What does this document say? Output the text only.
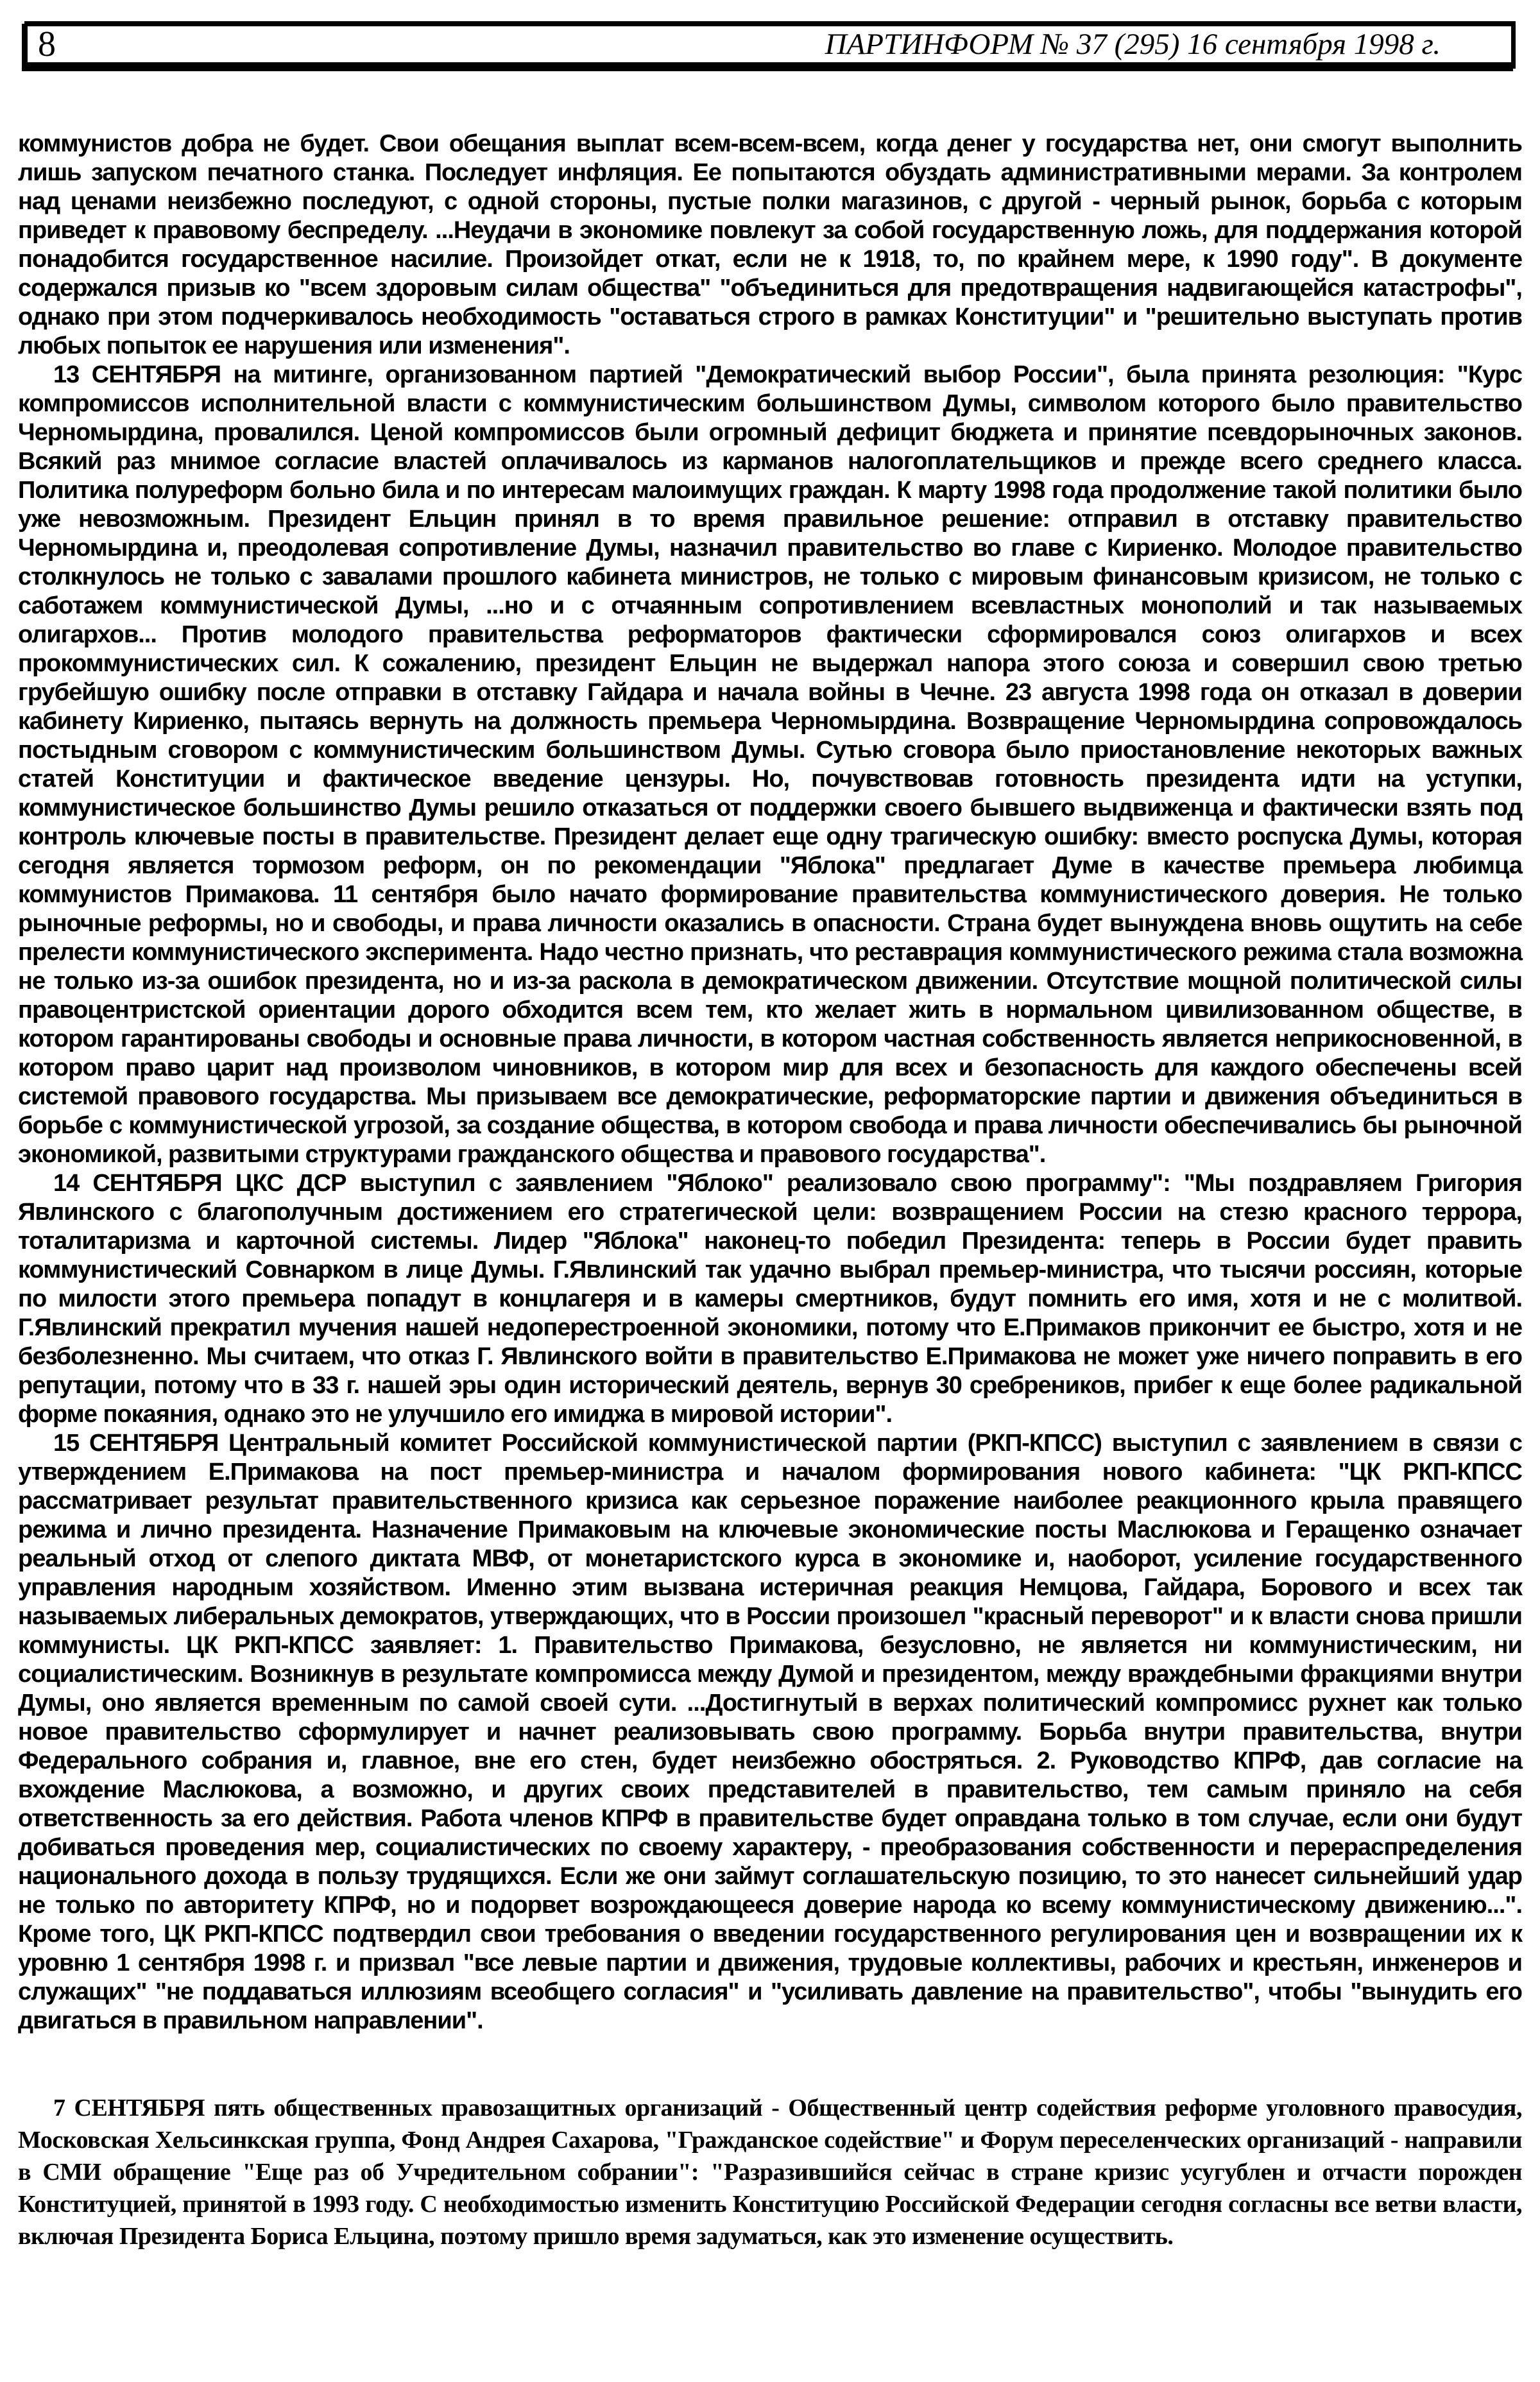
8	ПАРТИНФОРМ № 37 (295) 16 сентября 1998 г.

коммунистов добра не будет. Свои обещания выплат всем-всем-всем, когда денег у государства нет, они смогут выполнить лишь запуском печатного станка. Последует инфляция. Ее попытаются обуздать административными мерами. За контролем над ценами неизбежно последуют, с одной стороны, пустые полки магазинов, с другой - черный рынок, борьба с которым приведет к правовому беспределу. ...Неудачи в экономике повлекут за собой государственную ложь, для поддержания которой понадобится государственное насилие. Произойдет откат, если не к 1918, то, по крайнем мере, к 1990 году". В документе содержался призыв ко "всем здоровым силам общества" "объединиться для предотвращения надвигающейся катастрофы", однако при этом подчеркивалось необходимость "оставаться строго в рамках Конституции" и "решительно выступать против любых попыток ее нарушения или изменения".

13 СЕНТЯБРЯ на митинге, организованном партией "Демократический выбор России", была принята резолюция: "Курс компромиссов исполнительной власти с коммунистическим большинством Думы, символом которого было правительство Черномырдина, провалился. Ценой компромиссов были огромный дефицит бюджета и принятие псевдорыночных законов. Всякий раз мнимое согласие властей оплачивалось из карманов налогоплательщиков и прежде всего среднего класса. Политика полуреформ больно била и по интересам малоимущих граждан. К марту 1998 года продолжение такой политики было уже невозможным. Президент Ельцин принял в то время правильное решение: отправил в отставку правительство Черномырдина и, преодолевая сопротивление Думы, назначил правительство во главе с Кириенко. Молодое правительство столкнулось не только с завалами прошлого кабинета министров, не только с мировым финансовым кризисом, не только с саботажем коммунистической Думы, ...но и с отчаянным сопротивлением всевластных монополий и так называемых олигархов... Против молодого правительства реформаторов фактически сформировался союз олигархов и всех прокоммунистических сил. К сожалению, президент Ельцин не выдержал напора этого союза и совершил свою третью грубейшую ошибку после отправки в отставку Гайдара и начала войны в Чечне. 23 августа 1998 года он отказал в доверии кабинету Кириенко, пытаясь вернуть на должность премьера Черномырдина. Возвращение Черномырдина сопровождалось постыдным сговором с коммунистическим большинством Думы. Сутью сговора было приостановление некоторых важных статей Конституции и фактическое введение цензуры. Но, почувствовав готовность президента идти на уступки, коммунистическое большинство Думы решило отказаться от поддержки своего бывшего выдвиженца и фактически взять под контроль ключевые посты в правительстве. Президент делает еще одну трагическую ошибку: вместо роспуска Думы, которая сегодня является тормозом реформ, он по рекомендации "Яблока" предлагает Думе в качестве премьера любимца коммунистов Примакова. 11 сентября было начато формирование правительства коммунистического доверия. Не только рыночные реформы, но и свободы, и права личности оказались в опасности. Страна будет вынуждена вновь ощутить на себе прелести коммунистического эксперимента. Надо честно признать, что реставрация коммунистического режима стала возможна не только из-за ошибок президента, но и из-за раскола в демократическом движении. Отсутствие мощной политической силы правоцентристской ориентации дорого обходится всем тем, кто желает жить в нормальном цивилизованном обществе, в котором гарантированы свободы и основные права личности, в котором частная собственность является неприкосновенной, в котором право царит над произволом чиновников, в котором мир для всех и безопасность для каждого обеспечены всей системой правового государства. Мы призываем все демократические, реформаторские партии и движения объединиться в борьбе с коммунистической угрозой, за создание общества, в котором свобода и права личности обеспечивались бы рыночной экономикой, развитыми структурами гражданского общества и правового государства".

14 СЕНТЯБРЯ ЦКС ДСР выступил с заявлением "Яблоко" реализовало свою программу": "Мы поздравляем Григория Явлинского с благополучным достижением его стратегической цели: возвращением России на стезю красного террора, тоталитаризма и карточной системы. Лидер "Яблока" наконец-то победил Президента: теперь в России будет править коммунистический Совнарком в лице Думы. Г.Явлинский так удачно выбрал премьер-министра, что тысячи россиян, которые по милости этого премьера попадут в концлагеря и в камеры смертников, будут помнить его имя, хотя и не с молитвой. Г.Явлинский прекратил мучения нашей недоперестроенной экономики, потому что Е.Примаков прикончит ее быстро, хотя и не безболезненно. Мы считаем, что отказ Г. Явлинского войти в правительство Е.Примакова не может уже ничего поправить в его репутации, потому что в 33 г. нашей эры один исторический деятель, вернув 30 сребреников, прибег к еще более радикальной форме покаяния, однако это не улучшило его имиджа в мировой истории".

15 СЕНТЯБРЯ Центральный комитет Российской коммунистической партии (РКП-КПСС) выступил с заявлением в связи с утверждением Е.Примакова на пост премьер-министра и началом формирования нового кабинета: "ЦК РКП-КПСС рассматривает результат правительственного кризиса как серьезное поражение наиболее реакционного крыла правящего режима и лично президента. Назначение Примаковым на ключевые экономические посты Маслюкова и Геращенко означает реальный отход от слепого диктата МВФ, от монетаристского курса в экономике и, наоборот, усиление государственного управления народным хозяйством. Именно этим вызвана истеричная реакция Немцова, Гайдара, Борового и всех так называемых либеральных демократов, утверждающих, что в России произошел "красный переворот" и к власти снова пришли коммунисты. ЦК РКП-КПСС заявляет: 1. Правительство Примакова, безусловно, не является ни коммунистическим, ни социалистическим. Возникнув в результате компромисса между Думой и президентом, между враждебными фракциями внутри Думы, оно является временным по самой своей сути. ...Достигнутый в верхах политический компромисс рухнет как только новое правительство сформулирует и начнет реализовывать свою программу. Борьба внутри правительства, внутри Федерального собрания и, главное, вне его стен, будет неизбежно обостряться. 2. Руководство КПРФ, дав согласие на вхождение Маслюкова, а возможно, и других своих представителей в правительство, тем самым приняло на себя ответственность за его действия. Работа членов КПРФ в правительстве будет оправдана только в том случае, если они будут добиваться проведения мер, социалистических по своему характеру, - преобразования собственности и перераспределения национального дохода в пользу трудящихся. Если же они займут соглашательскую позицию, то это нанесет сильнейший удар не только по авторитету КПРФ, но и подорвет возрождающееся доверие народа ко всему коммунистическому движению...". Кроме того, ЦК РКП-КПСС подтвердил свои требования о введении государственного регулирования цен и возвращении их к уровню 1 сентября 1998 г. и призвал "все левые партии и движения, трудовые коллективы, рабочих и крестьян, инженеров и служащих" "не поддаваться иллюзиям всеобщего согласия" и "усиливать давление на правительство", чтобы "вынудить его двигаться в правильном направлении".

7 СЕНТЯБРЯ пять общественных правозащитных организаций - Общественный центр содействия реформе уголовного правосудия, Московская Хельсинкская группа, Фонд Андрея Сахарова, "Гражданское содействие" и Форум переселенческих организаций - направили в СМИ обращение "Еще раз об Учредительном собрании": "Разразившийся сейчас в стране кризис усугублен и отчасти порожден Конституцией, принятой в 1993 году. С необходимостью изменить Конституцию Российской Федерации сегодня согласны все ветви власти, включая Президента Бориса Ельцина, поэтому пришло время задуматься, как это изменение осуществить.
